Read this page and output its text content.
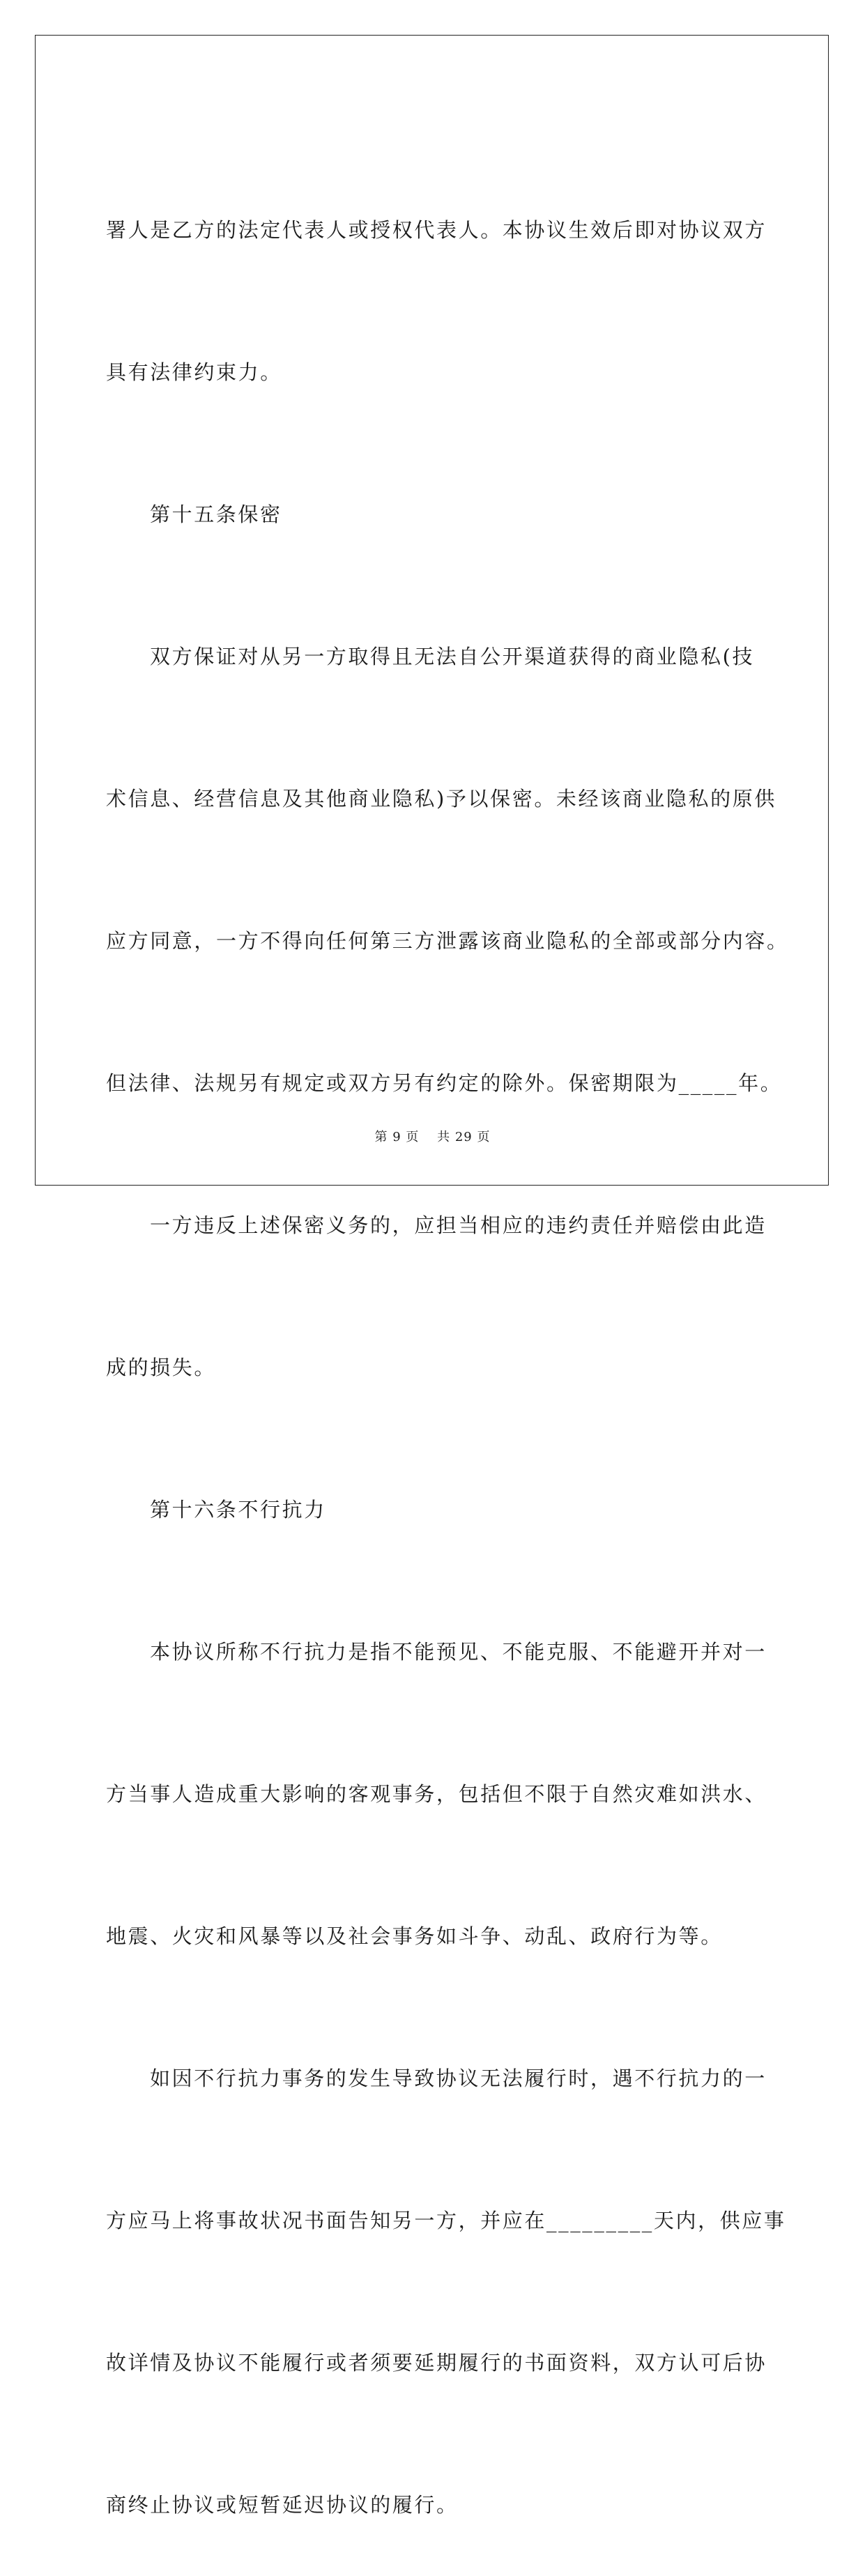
署人是乙方的法定代表人或授权代表人。本协议生效后即对协议双方

具有法律约束力。

第十五条保密

双方保证对从另一方取得且无法自公开渠道获得的商业隐私(技

术信息、经营信息及其他商业隐私)予以保密。未经该商业隐私的原供

应方同意，一方不得向任何第三方泄露该商业隐私的全部或部分内容。

但法律、法规另有规定或双方另有约定的除外。保密期限为_____年。

一方违反上述保密义务的，应担当相应的违约责任并赔偿由此造

成的损失。

第十六条不行抗力

本协议所称不行抗力是指不能预见、不能克服、不能避开并对一

方当事人造成重大影响的客观事务，包括但不限于自然灾难如洪水、

地震、火灾和风暴等以及社会事务如斗争、动乱、政府行为等。

如因不行抗力事务的发生导致协议无法履行时，遇不行抗力的一

方应马上将事故状况书面告知另一方，并应在_________天内，供应事

故详情及协议不能履行或者须要延期履行的书面资料，双方认可后协

商终止协议或短暂延迟协议的履行。

第 9 页　 共 29 页
